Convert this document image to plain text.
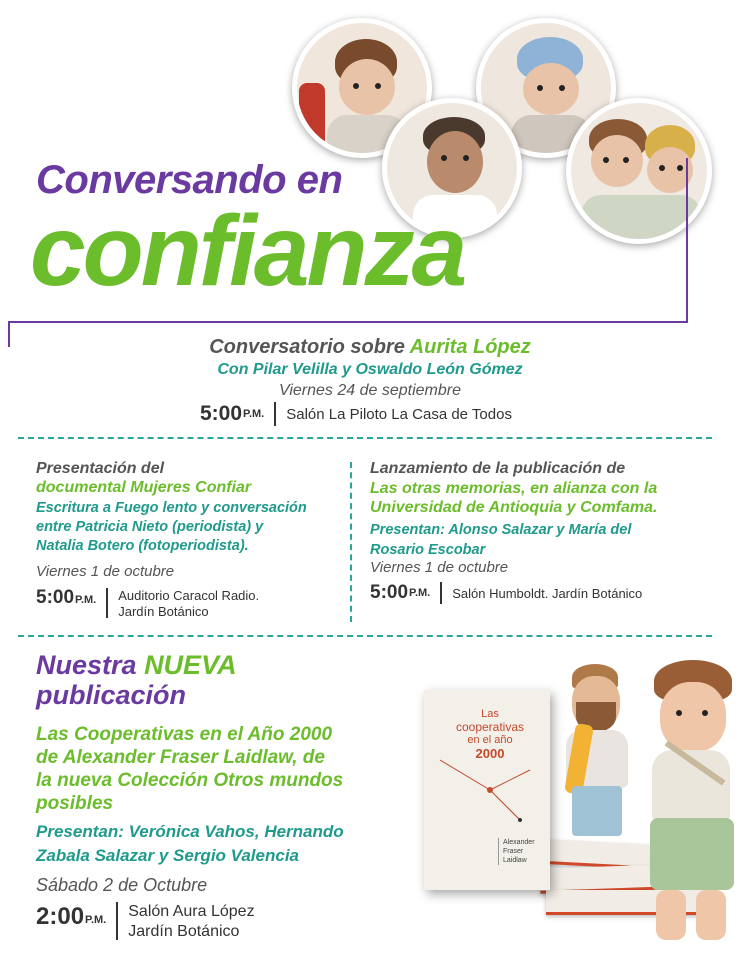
Conversando en
confianza
Conversatorio sobre Aurita López
Con Pilar Velilla y Oswaldo León Gómez
Viernes 24 de septiembre
5:00 P.M. Salón La Piloto La Casa de Todos
Presentación del
documental Mujeres Confiar
Escritura a Fuego lento y conversación
entre Patricia Nieto (periodista) y
Natalia Botero (fotoperiodista).
Viernes 1 de octubre
5:00 P.M. Auditorio Caracol Radio.
Jardín Botánico
Lanzamiento de la publicación de
Las otras memorias, en alianza con la
Universidad de Antioquia y Comfama.
Presentan: Alonso Salazar y María del
Rosario Escobar
Viernes 1 de octubre
5:00 P.M. Salón Humboldt. Jardín Botánico
Nuestra NUEVA
publicación
Las Cooperativas en el Año 2000
de Alexander Fraser Laidlaw, de
la nueva Colección Otros mundos
posibles
Presentan: Verónica Vahos, Hernando
Zabala Salazar y Sergio Valencia
Sábado 2 de Octubre
2:00 P.M. Salón Aura López
Jardín Botánico
Las
cooperativas
en el año
2000
Alexander
Fraser
Laidlaw
